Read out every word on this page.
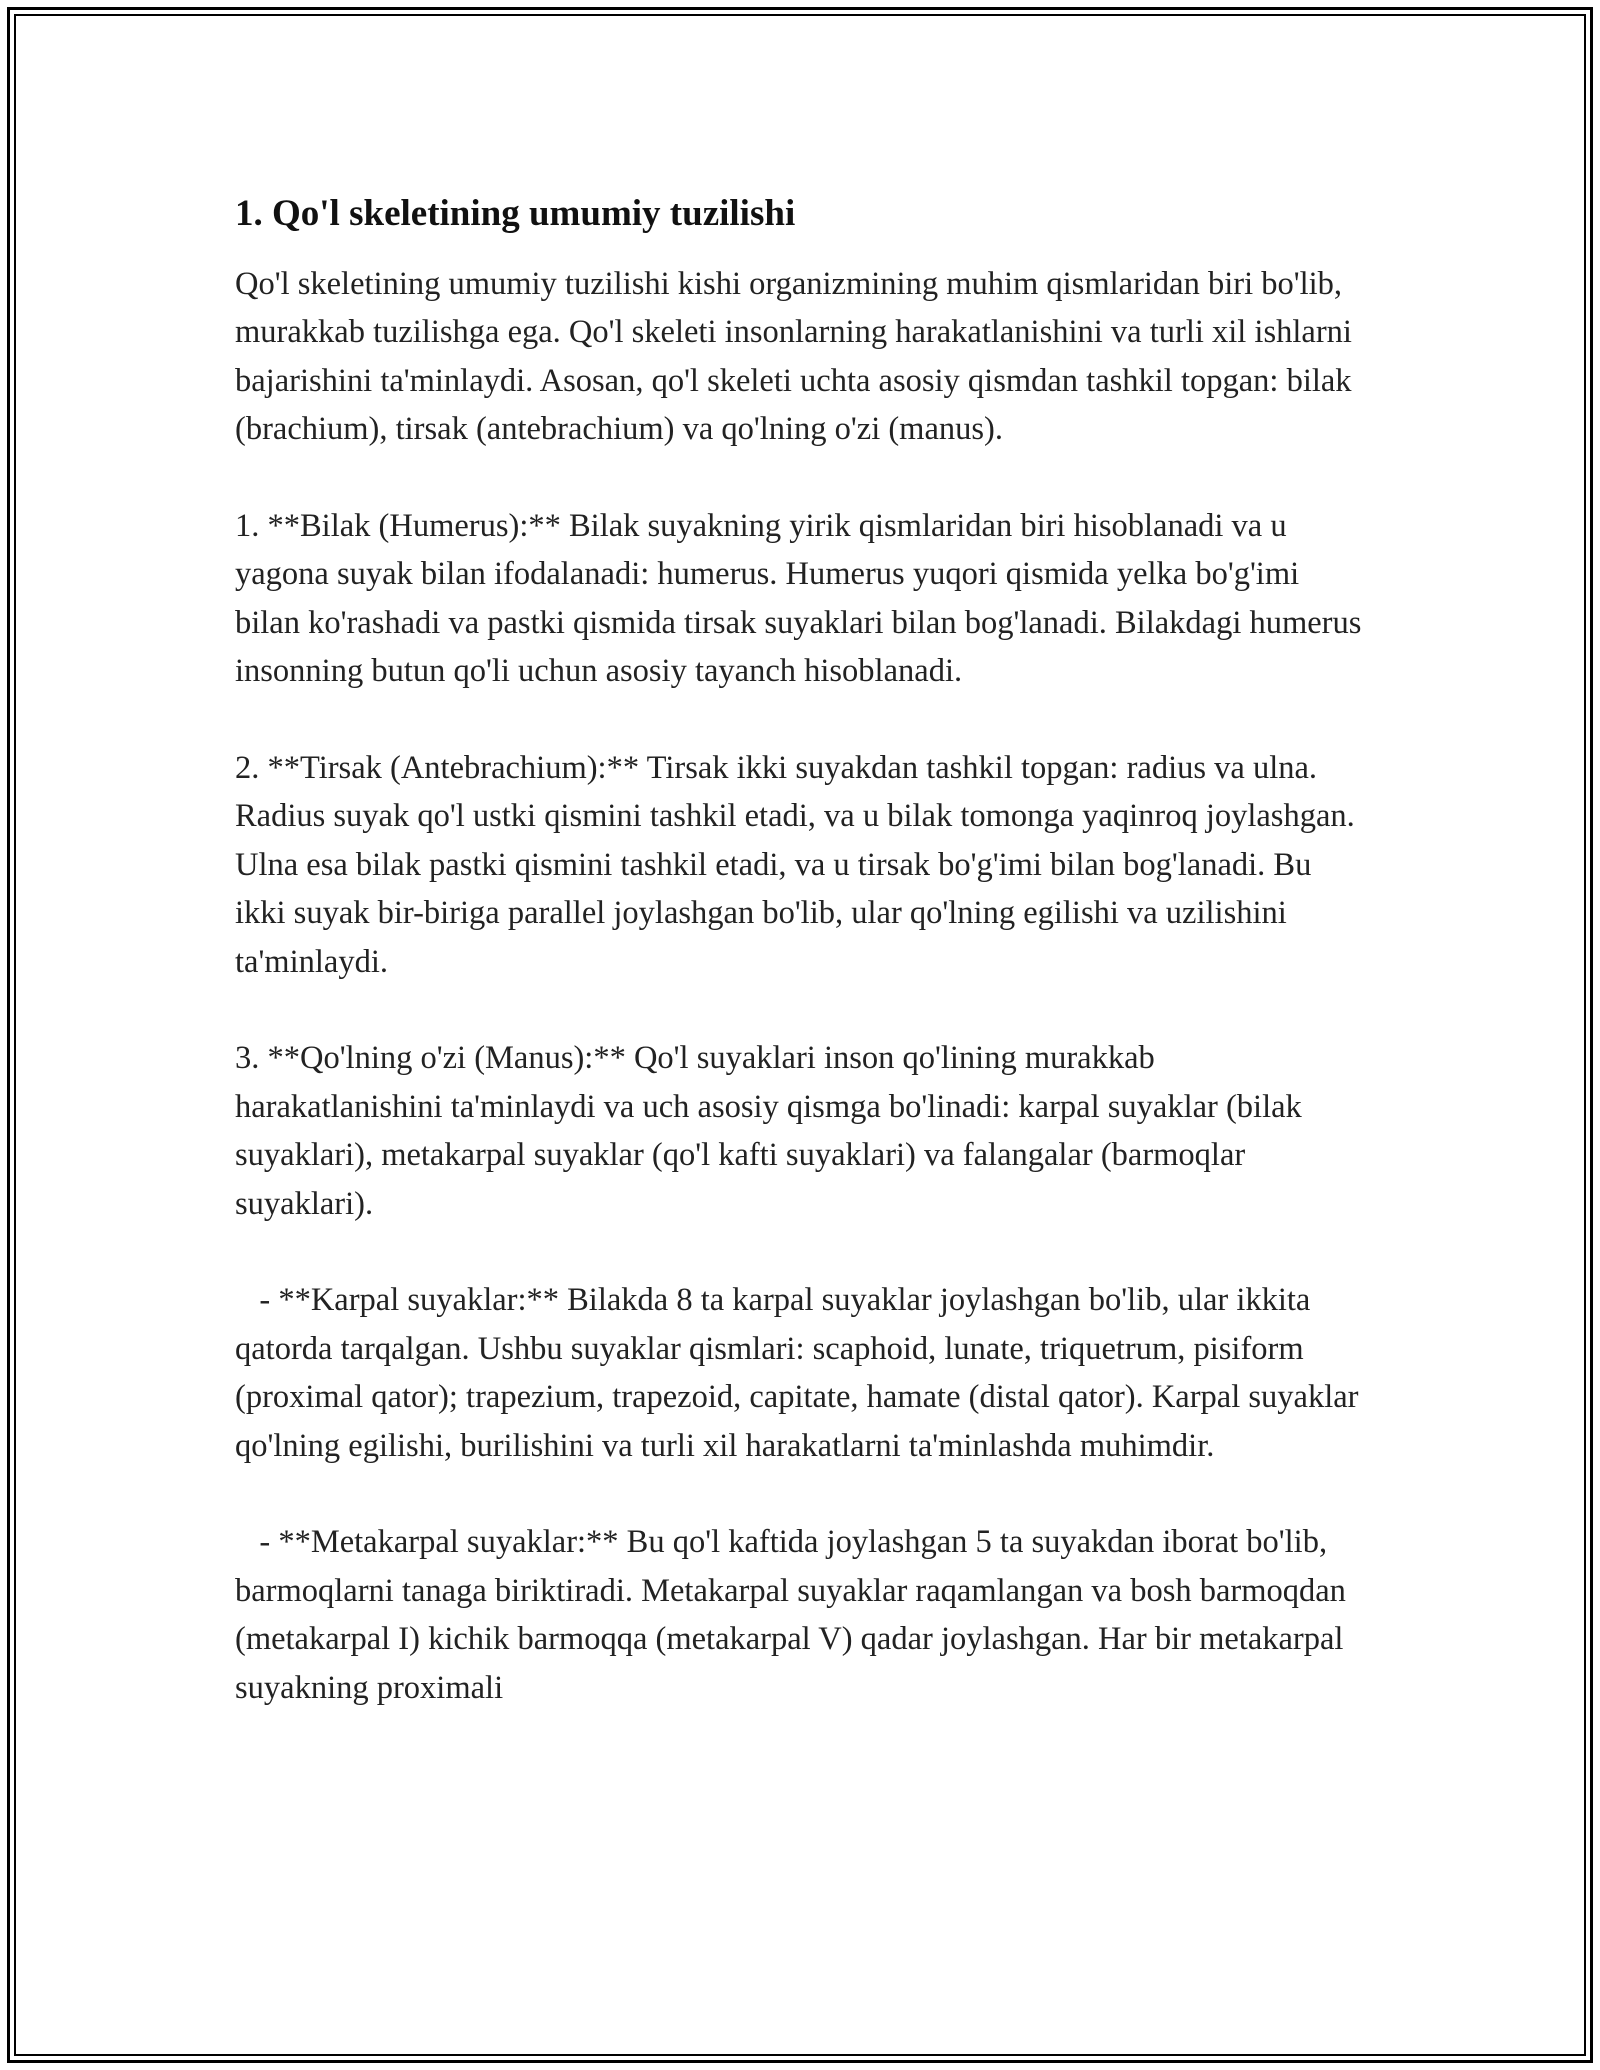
1. Qo'l skeletining umumiy tuzilishi

Qo'l skeletining umumiy tuzilishi kishi organizmining muhim qismlaridan biri bo'lib, murakkab tuzilishga ega. Qo'l skeleti insonlarning harakatlanishini va turli xil ishlarni bajarishini ta'minlaydi. Asosan, qo'l skeleti uchta asosiy qismdan tashkil topgan: bilak (brachium), tirsak (antebrachium) va qo'lning o'zi (manus).

1. **Bilak (Humerus):** Bilak suyakning yirik qismlaridan biri hisoblanadi va u yagona suyak bilan ifodalanadi: humerus. Humerus yuqori qismida yelka bo'g'imi bilan ko'rashadi va pastki qismida tirsak suyaklari bilan bog'lanadi. Bilakdagi humerus insonning butun qo'li uchun asosiy tayanch hisoblanadi.

2. **Tirsak (Antebrachium):** Tirsak ikki suyakdan tashkil topgan: radius va ulna. Radius suyak qo'l ustki qismini tashkil etadi, va u bilak tomonga yaqinroq joylashgan. Ulna esa bilak pastki qismini tashkil etadi, va u tirsak bo'g'imi bilan bog'lanadi. Bu ikki suyak bir-biriga parallel joylashgan bo'lib, ular qo'lning egilishi va uzilishini ta'minlaydi.

3. **Qo'lning o'zi (Manus):** Qo'l suyaklari inson qo'lining murakkab harakatlanishini ta'minlaydi va uch asosiy qismga bo'linadi: karpal suyaklar (bilak suyaklari), metakarpal suyaklar (qo'l kafti suyaklari) va falangalar (barmoqlar suyaklari).

- **Karpal suyaklar:** Bilakda 8 ta karpal suyaklar joylashgan bo'lib, ular ikkita qatorda tarqalgan. Ushbu suyaklar qismlari: scaphoid, lunate, triquetrum, pisiform (proximal qator); trapezium, trapezoid, capitate, hamate (distal qator). Karpal suyaklar qo'lning egilishi, burilishini va turli xil harakatlarni ta'minlashda muhimdir.

- **Metakarpal suyaklar:** Bu qo'l kaftida joylashgan 5 ta suyakdan iborat bo'lib, barmoqlarni tanaga biriktiradi. Metakarpal suyaklar raqamlangan va bosh barmoqdan (metakarpal I) kichik barmoqqa (metakarpal V) qadar joylashgan. Har bir metakarpal suyakning proximali
